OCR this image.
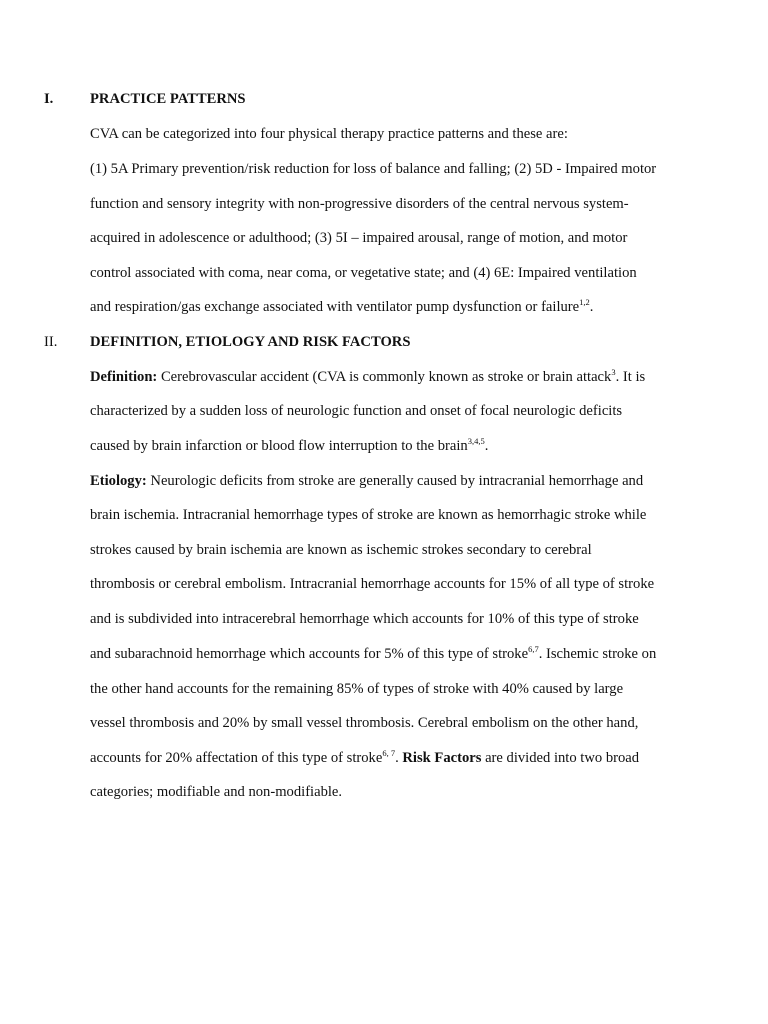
I.	PRACTICE PATTERNS
CVA can be categorized into four physical therapy practice patterns and these are:
(1) 5A Primary prevention/risk reduction for loss of balance and falling; (2) 5D - Impaired motor
function and sensory integrity with non-progressive disorders of the central nervous system-
acquired in adolescence or adulthood; (3) 5I – impaired arousal, range of motion, and motor
control associated with coma, near coma, or vegetative state; and (4) 6E: Impaired ventilation
and respiration/gas exchange associated with ventilator pump dysfunction or failure$^{1,2}$.
II. DEFINITION, ETIOLOGY AND RISK FACTORS
Definition: Cerebrovascular accident (CVA is commonly known as stroke or brain attack$^3$. It is
characterized by a sudden loss of neurologic function and onset of focal neurologic deficits
caused by brain infarction or blood flow interruption to the brain$^{3,4,5}$.
Etiology: Neurologic deficits from stroke are generally caused by intracranial hemorrhage and
brain ischemia. Intracranial hemorrhage types of stroke are known as hemorrhagic stroke while
strokes caused by brain ischemia are known as ischemic strokes secondary to cerebral
thrombosis or cerebral embolism. Intracranial hemorrhage accounts for 15% of all type of stroke
and is subdivided into intracerebral hemorrhage which accounts for 10% of this type of stroke
and subarachnoid hemorrhage which accounts for 5% of this type of stroke$^{6,7}$. Ischemic stroke on
the other hand accounts for the remaining 85% of types of stroke with 40% caused by large
vessel thrombosis and 20% by small vessel thrombosis. Cerebral embolism on the other hand,
accounts for 20% affectation of this type of stroke$^{6, 7}$. Risk Factors are divided into two broad
categories; modifiable and non-modifiable.
